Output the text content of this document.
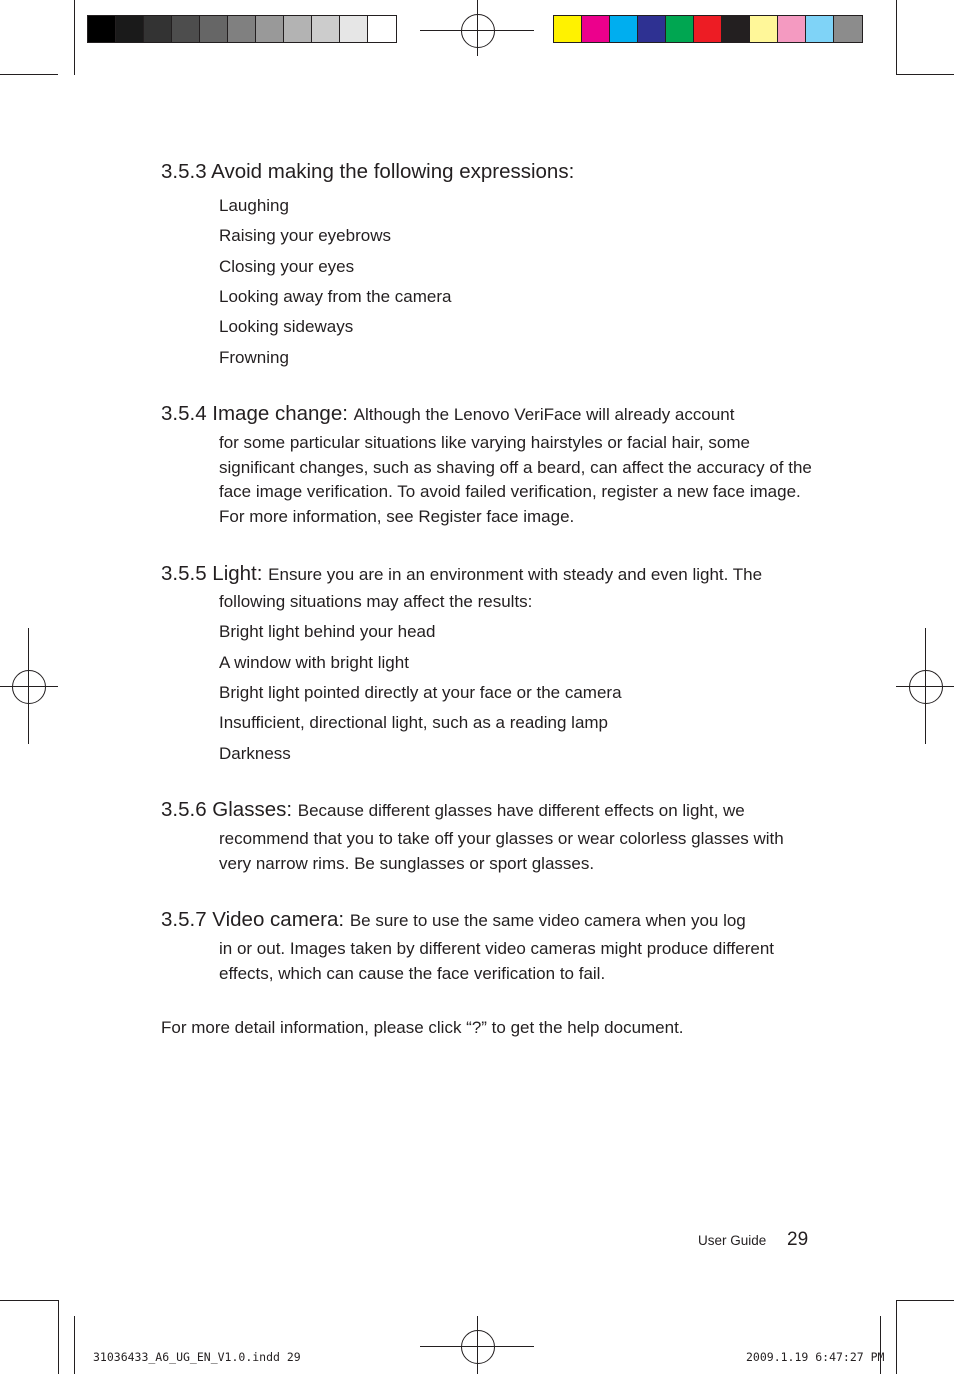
3.5.3 Avoid making the following expressions:
Laughing
Raising your eyebrows
Closing your eyes
Looking away from the camera
Looking sideways
Frowning
3.5.4 Image change: Although the Lenovo VeriFace will already account
for some particular situations like varying hairstyles or facial hair, some significant changes, such as shaving off a beard, can affect the accuracy of the face image verification. To avoid failed verification, register a new face image. For more information, see Register face image.
3.5.5 Light: Ensure you are in an environment with steady and even light. The
following situations may affect the results:
Bright light behind your head
A window with bright light
Bright light pointed directly at your face or the camera
Insufficient, directional light, such as a reading lamp
Darkness
3.5.6 Glasses: Because different glasses have different effects on light, we
recommend that you to take off your glasses or wear colorless glasses with very narrow rims. Be sunglasses or sport glasses.
3.5.7 Video camera: Be sure to use the same video camera when you log
in or out. Images taken by different video cameras might produce different effects, which can cause the face verification to fail.
For more detail information, please click “?” to get the help document.
User Guide 29
31036433_A6_UG_EN_V1.0.indd 29	2009.1.19 6:47:27 PM
